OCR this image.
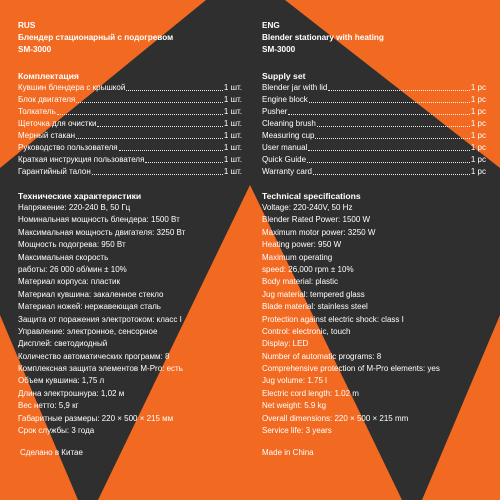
RUS
Блендер стационарный с подогревом
SM-3000
Комплектация
Кувшин блендера с крышкой	1 шт.
Блок двигателя	1 шт.
Толкатель	1 шт.
Щеточка для очистки	1 шт.
Мерный стакан	1 шт.
Руководство пользователя	1 шт.
Краткая инструкция пользователя	1 шт.
Гарантийный талон	1 шт.
Технические характеристики
Напряжение: 220-240 В, 50 Гц
Номинальная мощность блендера: 1500 Вт
Максимальная мощность двигателя: 3250 Вт
Мощность подогрева: 950 Вт
Максимальная скорость
работы: 26 000 об/мин ± 10%
Материал корпуса: пластик
Материал кувшина: закаленное стекло
Материал ножей: нержавеющая сталь
Защита от поражения электротоком: класс I
Управление: электронное, сенсорное
Дисплей: светодиодный
Количество автоматических программ: 8
Комплексная защита элементов M-Pro: есть
Объем кувшина: 1,75 л
Длина электрошнура: 1,02 м
Вес нетто: 5,9 кг
Габаритные размеры: 220 × 500 × 215 мм
Срок службы: 3 года
Сделано в Китае
ENG
Blender stationary with heating
SM-3000
Supply set
Blender jar with lid	1 pc
Engine block	1 pc
Pusher	1 pc
Cleaning brush	1 pc
Measuring cup	1 pc
User manual	1 pc
Quick Guide	1 pc
Warranty card	1 pc
Technical specifications
Voltage: 220-240V, 50 Hz
Blender Rated Power: 1500 W
Maximum motor power: 3250 W
Heating power: 950 W
Maximum operating
speed: 26,000 rpm ± 10%
Body material: plastic
Jug material: tempered glass
Blade material: stainless steel
Protection against electric shock: class I
Control: electronic, touch
Display: LED
Number of automatic programs: 8
Comprehensive protection of M-Pro elements: yes
Jug volume: 1.75 l
Electric cord length: 1.02 m
Net weight: 5.9 kg
Overall dimensions: 220 × 500 × 215 mm
Service life: 3 years
Made in China
